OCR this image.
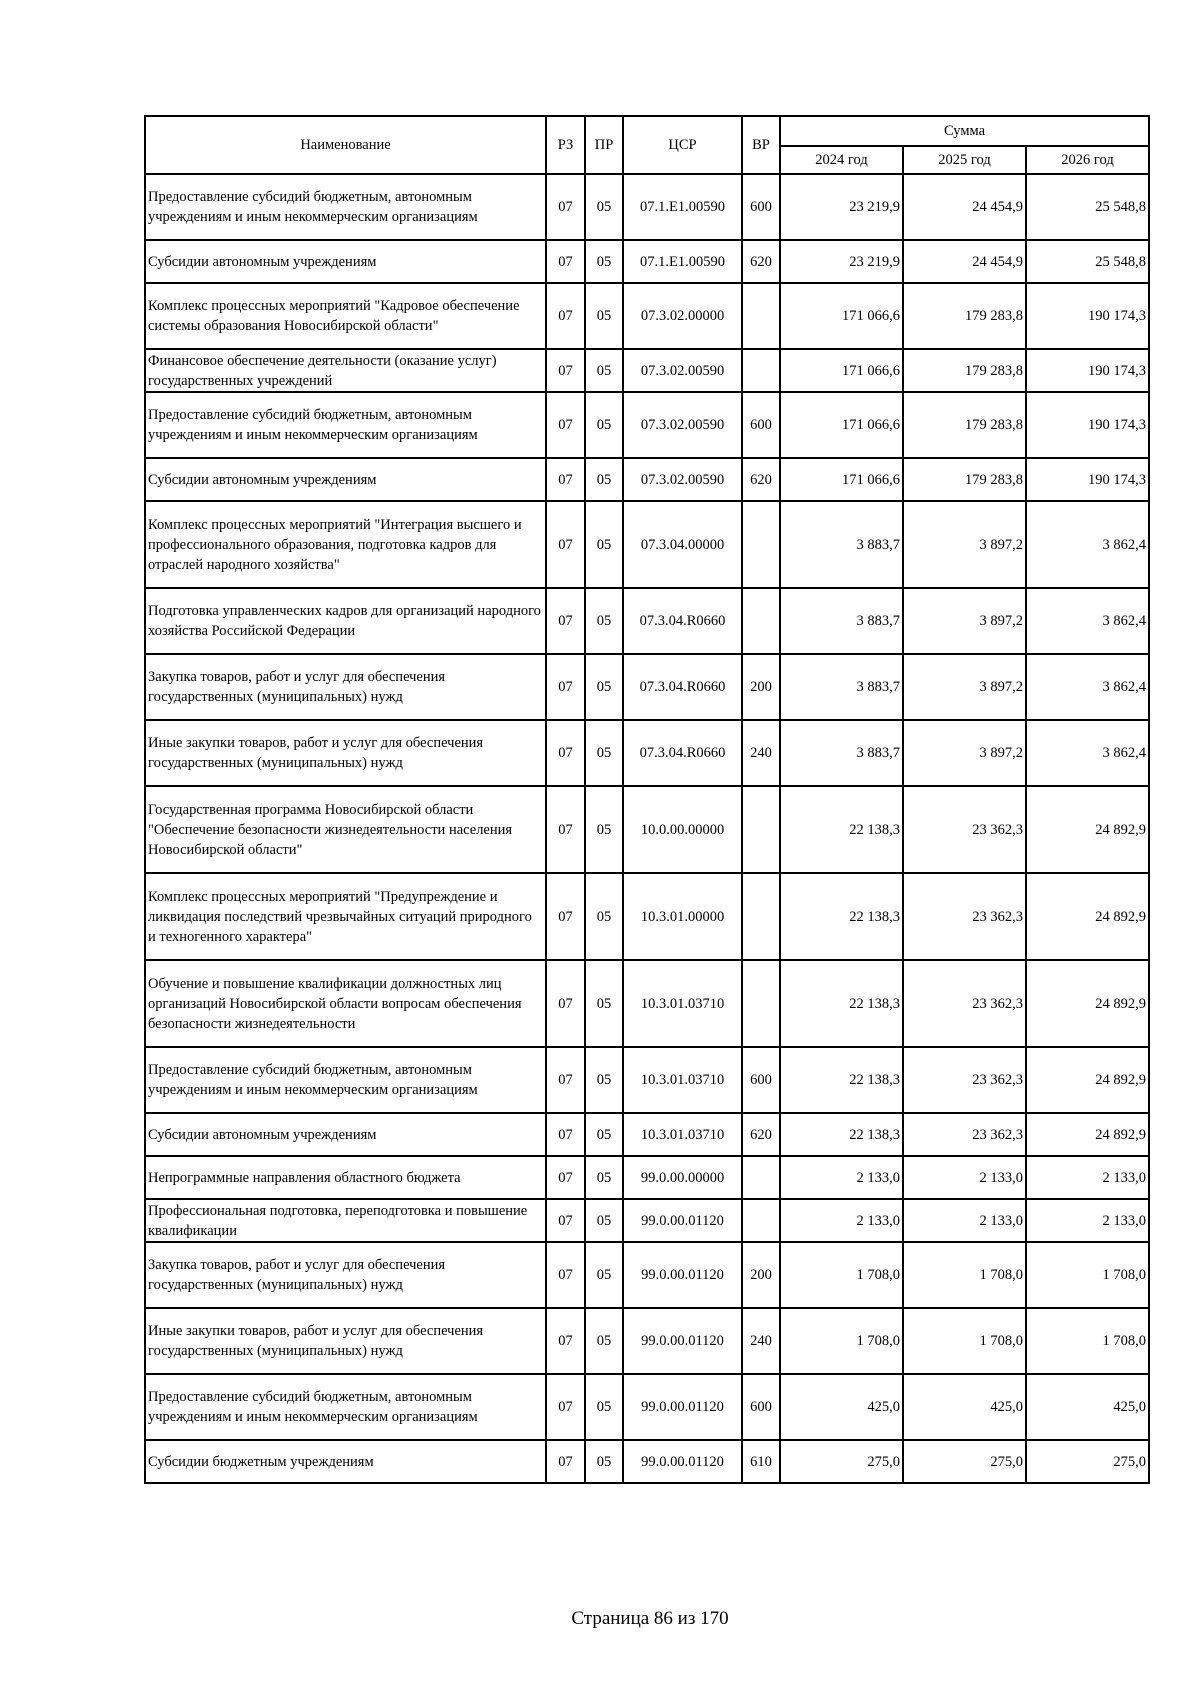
Наименование	РЗ	ПР	ЦСР	ВР	Сумма		
					2024 год	2025 год	2026 год
Предоставление субсидий бюджетным, автономным учреждениям и иным некоммерческим организациям	07	05	07.1.E1.00590	600	23 219,9	24 454,9	25 548,8
Субсидии автономным учреждениям	07	05	07.1.E1.00590	620	23 219,9	24 454,9	25 548,8
Комплекс процессных мероприятий "Кадровое обеспечение системы образования Новосибирской области"	07	05	07.3.02.00000		171 066,6	179 283,8	190 174,3
Финансовое обеспечение деятельности (оказание услуг) государственных учреждений	07	05	07.3.02.00590		171 066,6	179 283,8	190 174,3
Предоставление субсидий бюджетным, автономным учреждениям и иным некоммерческим организациям	07	05	07.3.02.00590	600	171 066,6	179 283,8	190 174,3
Субсидии автономным учреждениям	07	05	07.3.02.00590	620	171 066,6	179 283,8	190 174,3
Комплекс процессных мероприятий "Интеграция высшего и профессионального образования, подготовка кадров для отраслей народного хозяйства"	07	05	07.3.04.00000		3 883,7	3 897,2	3 862,4
Подготовка управленческих кадров для организаций народного хозяйства Российской Федерации	07	05	07.3.04.R0660		3 883,7	3 897,2	3 862,4
Закупка товаров, работ и услуг для обеспечения государственных (муниципальных) нужд	07	05	07.3.04.R0660	200	3 883,7	3 897,2	3 862,4
Иные закупки товаров, работ и услуг для обеспечения государственных (муниципальных) нужд	07	05	07.3.04.R0660	240	3 883,7	3 897,2	3 862,4
Государственная программа Новосибирской области "Обеспечение безопасности жизнедеятельности населения Новосибирской области"	07	05	10.0.00.00000		22 138,3	23 362,3	24 892,9
Комплекс процессных мероприятий "Предупреждение и ликвидация последствий чрезвычайных ситуаций природного и техногенного характера"	07	05	10.3.01.00000		22 138,3	23 362,3	24 892,9
Обучение и повышение квалификации должностных лиц организаций Новосибирской области вопросам обеспечения безопасности жизнедеятельности	07	05	10.3.01.03710		22 138,3	23 362,3	24 892,9
Предоставление субсидий бюджетным, автономным учреждениям и иным некоммерческим организациям	07	05	10.3.01.03710	600	22 138,3	23 362,3	24 892,9
Субсидии автономным учреждениям	07	05	10.3.01.03710	620	22 138,3	23 362,3	24 892,9
Непрограммные направления областного бюджета	07	05	99.0.00.00000		2 133,0	2 133,0	2 133,0
Профессиональная подготовка, переподготовка и повышение квалификации	07	05	99.0.00.01120		2 133,0	2 133,0	2 133,0
Закупка товаров, работ и услуг для обеспечения государственных (муниципальных) нужд	07	05	99.0.00.01120	200	1 708,0	1 708,0	1 708,0
Иные закупки товаров, работ и услуг для обеспечения государственных (муниципальных) нужд	07	05	99.0.00.01120	240	1 708,0	1 708,0	1 708,0
Предоставление субсидий бюджетным, автономным учреждениям и иным некоммерческим организациям	07	05	99.0.00.01120	600	425,0	425,0	425,0
Субсидии бюджетным учреждениям	07	05	99.0.00.01120	610	275,0	275,0	275,0
Страница 86 из 170
